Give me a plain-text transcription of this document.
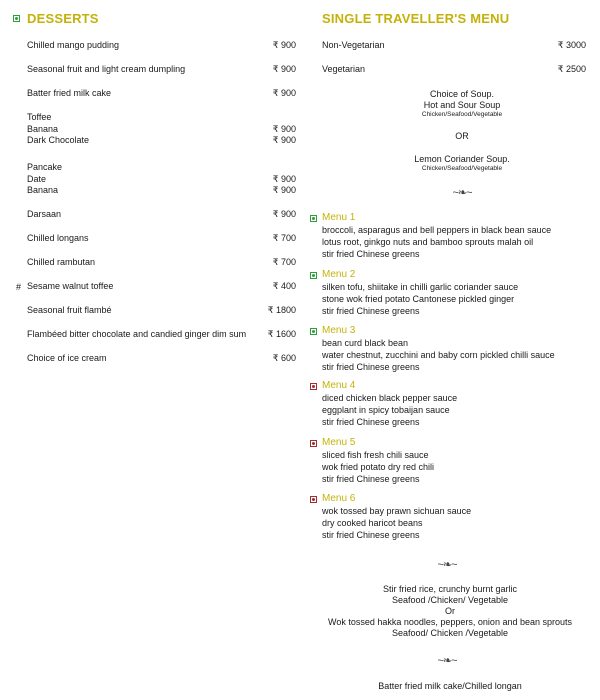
DESSERTS
Chilled mango pudding	₹ 900
Seasonal fruit and light cream dumpling	₹ 900
Batter fried milk cake	₹ 900
Toffee
Banana	₹ 900
Dark Chocolate	₹ 900
Pancake
Date	₹ 900
Banana	₹ 900
Darsaan	₹ 900
Chilled longans	₹ 700
Chilled rambutan	₹ 700
# Sesame walnut toffee	₹ 400
Seasonal fruit flambé	₹ 1800
Flambéed bitter chocolate and candied ginger dim sum ₹ 1600
Choice of ice cream	₹ 600
SINGLE TRAVELLER'S MENU
Non-Vegetarian	₹ 3000
Vegetarian	₹ 2500
Choice of Soup.
Hot and Sour Soup
Chicken/Seafood/Vegetable
OR
Lemon Coriander Soup.
Chicken/Seafood/Vegetable
~❧~
Menu 1
broccoli, asparagus and bell peppers in black bean sauce
lotus root, ginkgo nuts and bamboo sprouts malah oil
stir fried Chinese greens
Menu 2
silken tofu, shiitake in chilli garlic coriander sauce
stone wok fried potato Cantonese pickled ginger
stir fried Chinese greens
Menu 3
bean curd black bean
water chestnut, zucchini and baby corn pickled chilli sauce
stir fried Chinese greens
Menu 4
diced chicken black pepper sauce
eggplant in spicy tobaijan sauce
stir fried Chinese greens
Menu 5
sliced fish fresh chili sauce
wok fried potato dry red chili
stir fried Chinese greens
Menu 6
wok tossed bay prawn sichuan sauce
dry cooked haricot beans
stir fried Chinese greens
~❧~
Stir fried rice, crunchy burnt garlic
Seafood /Chicken/ Vegetable
Or
Wok tossed hakka noodles, peppers, onion and bean sprouts
Seafood/ Chicken /Vegetable
~❧~
Batter fried milk cake/Chilled longan
